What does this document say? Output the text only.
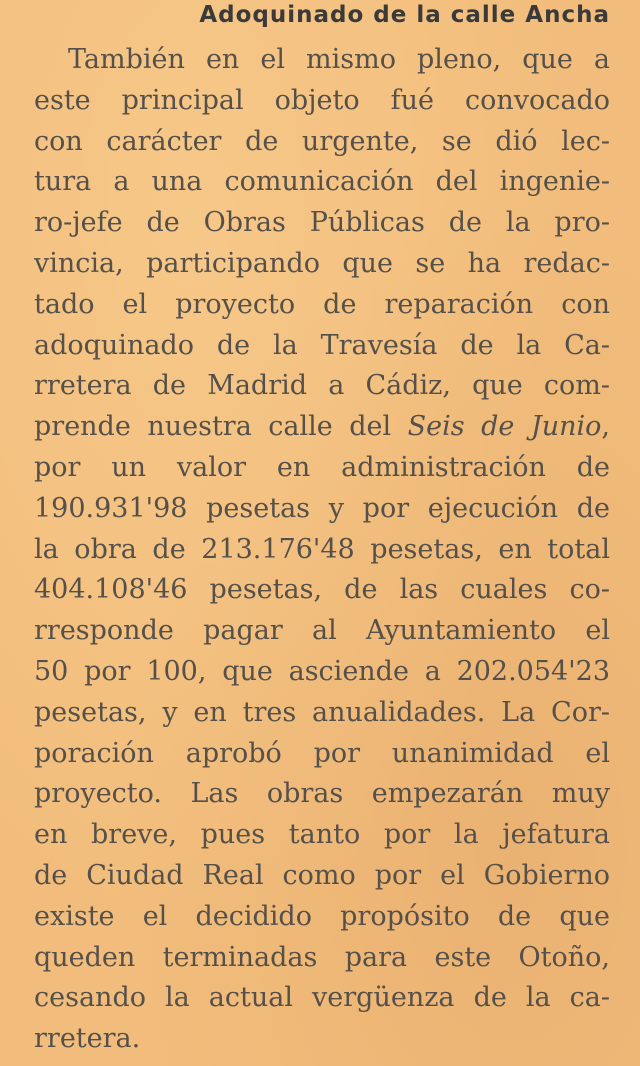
Adoquinado de la calle Ancha
También en el mismo pleno, que a
este principal objeto fué convocado
con carácter de urgente, se dió lec-
tura a una comunicación del ingenie-
ro-jefe de Obras Públicas de la pro-
vincia, participando que se ha redac-
tado el proyecto de reparación con
adoquinado de la Travesía de la Ca-
rretera de Madrid a Cádiz, que com-
prende nuestra calle del Seis de Junio,
por un valor en administración de
190.931'98 pesetas y por ejecución de
la obra de 213.176'48 pesetas, en total
404.108'46 pesetas, de las cuales co-
rresponde pagar al Ayuntamiento el
50 por 100, que asciende a 202.054'23
pesetas, y en tres anualidades. La Cor-
poración aprobó por unanimidad el
proyecto. Las obras empezarán muy
en breve, pues tanto por la jefatura
de Ciudad Real como por el Gobierno
existe el decidido propósito de que
queden terminadas para este Otoño,
cesando la actual vergüenza de la ca-
rretera.
